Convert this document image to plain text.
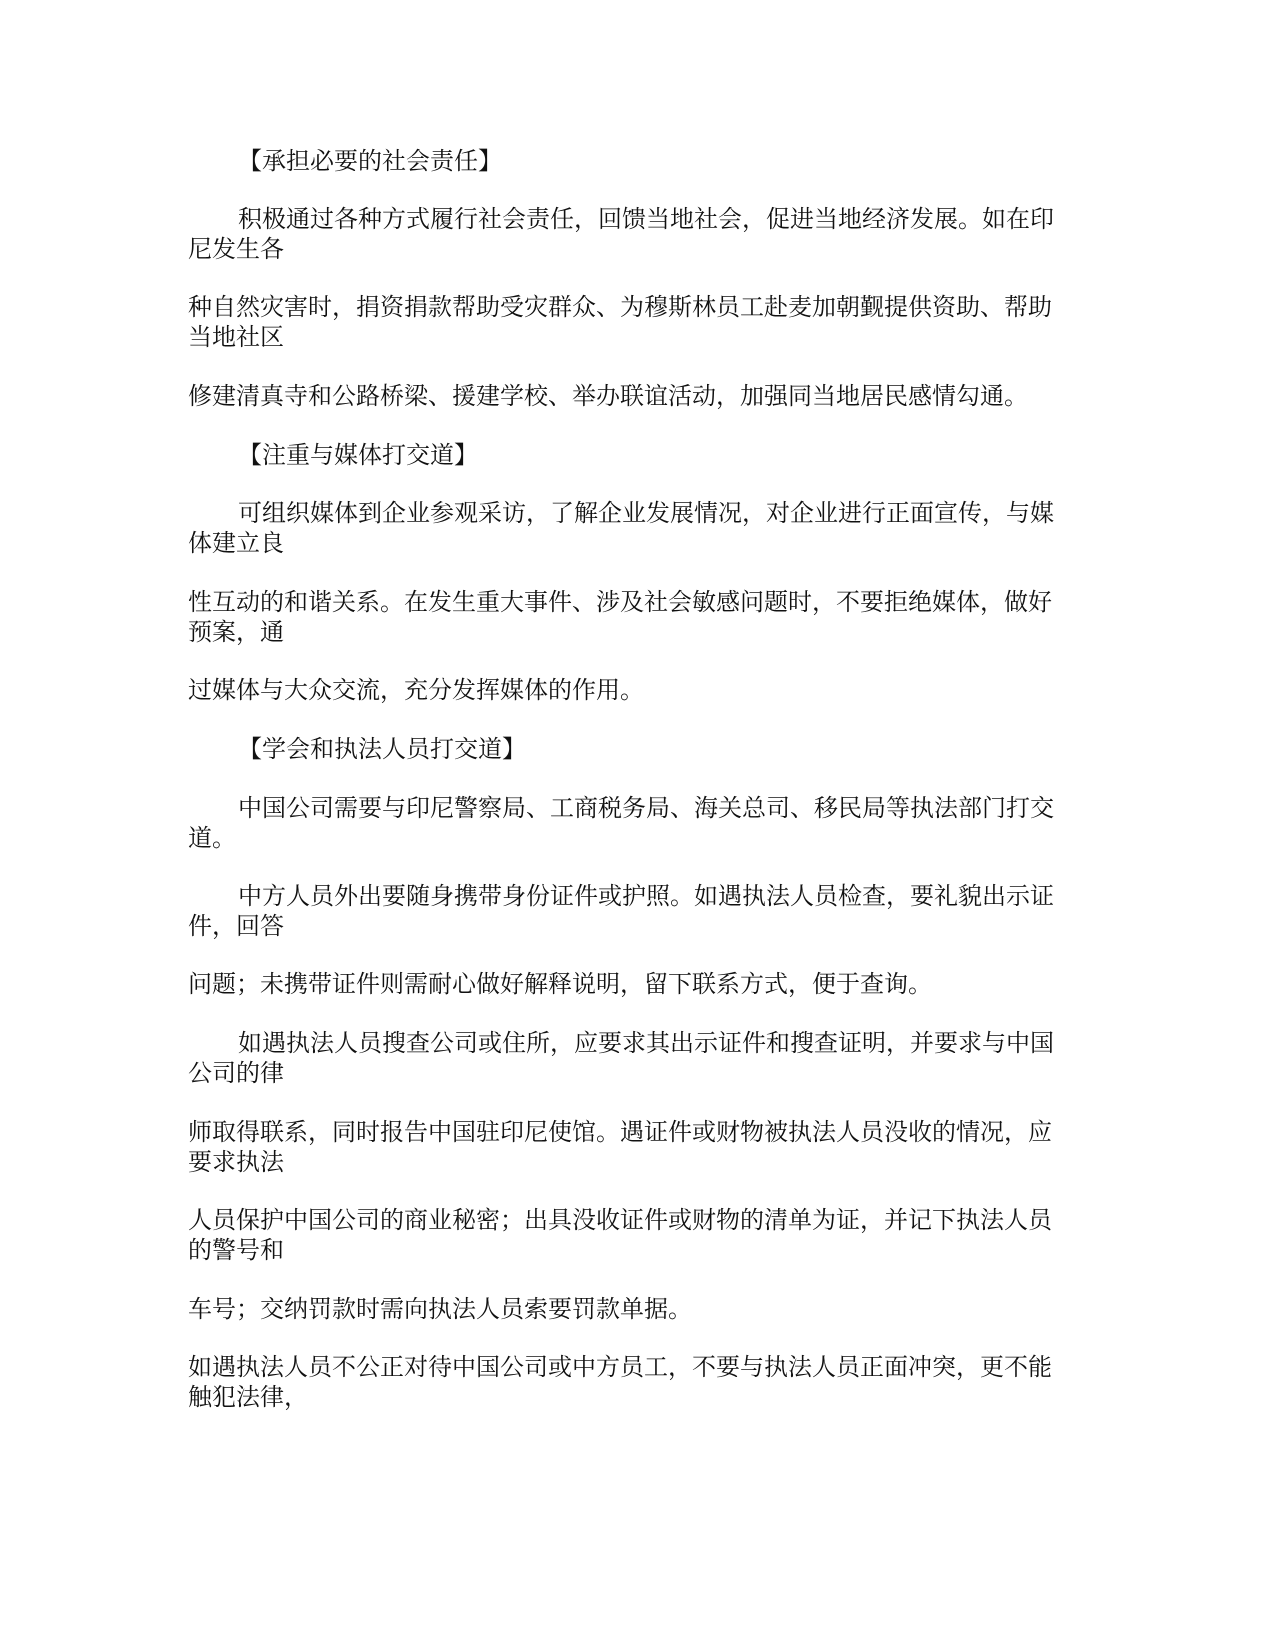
【承担必要的社会责任】
积极通过各种方式履行社会责任，回馈当地社会，促进当地经济发展。如在印
尼发生各
种自然灾害时，捐资捐款帮助受灾群众、为穆斯林员工赴麦加朝觐提供资助、帮助
当地社区
修建清真寺和公路桥梁、援建学校、举办联谊活动，加强同当地居民感情勾通。
【注重与媒体打交道】
可组织媒体到企业参观采访，了解企业发展情况，对企业进行正面宣传，与媒
体建立良
性互动的和谐关系。在发生重大事件、涉及社会敏感问题时，不要拒绝媒体，做好
预案，通
过媒体与大众交流，充分发挥媒体的作用。
【学会和执法人员打交道】
中国公司需要与印尼警察局、工商税务局、海关总司、移民局等执法部门打交
道。
中方人员外出要随身携带身份证件或护照。如遇执法人员检查，要礼貌出示证
件，回答
问题；未携带证件则需耐心做好解释说明，留下联系方式，便于查询。
如遇执法人员搜查公司或住所，应要求其出示证件和搜查证明，并要求与中国
公司的律
师取得联系，同时报告中国驻印尼使馆。遇证件或财物被执法人员没收的情况，应
要求执法
人员保护中国公司的商业秘密；出具没收证件或财物的清单为证，并记下执法人员
的警号和
车号；交纳罚款时需向执法人员索要罚款单据。
如遇执法人员不公正对待中国公司或中方员工，不要与执法人员正面冲突，更不能
触犯法律，
